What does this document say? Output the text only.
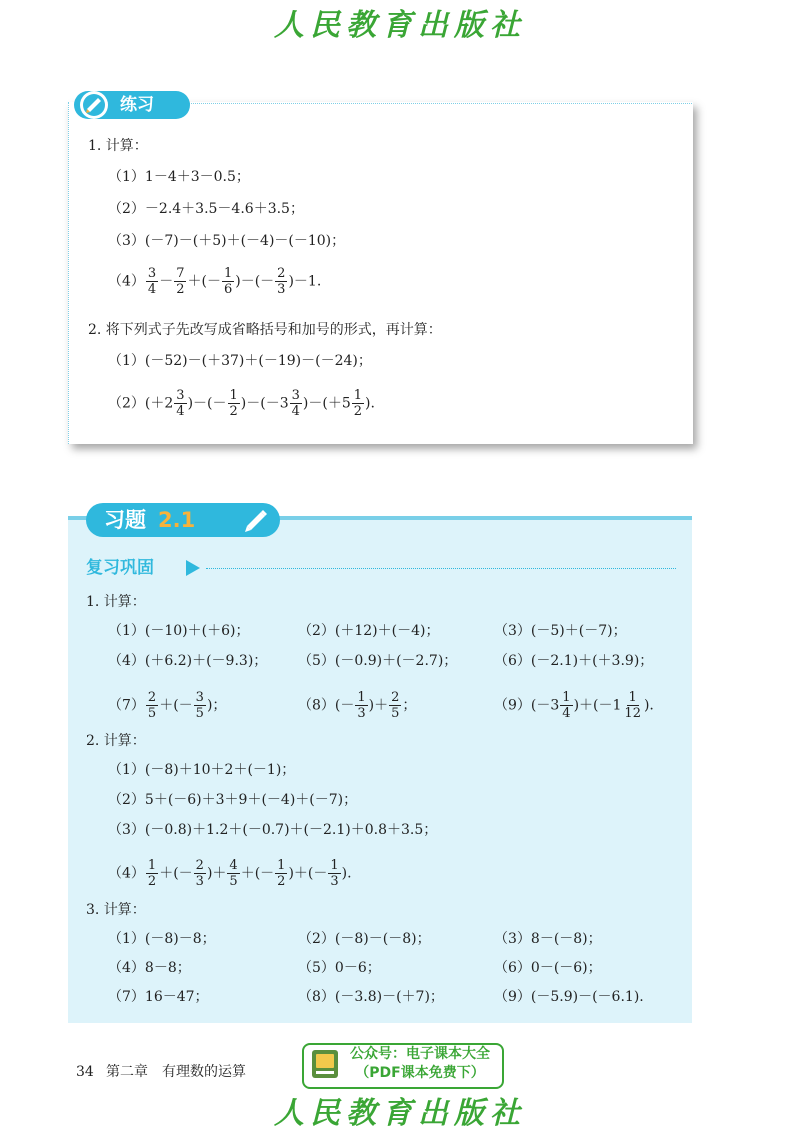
人民教育出版社
练习
1. 计算：
（1）1－4＋3－0.5；
（2）－2.4＋3.5－4.6＋3.5；
（3）(－7)－(＋5)＋(－4)－(－10)；
$(4) \frac{3}{4} - \frac{7}{2}$ ＋(－ $\frac{1}{6}$ )－(－ $\frac{2}{3} )-1$.
2. 将下列式子先改写成省略括号和加号的形式，再计算：
（1）(－52)－(＋37)＋(－19)－(－24)；
$(2)(+2 \frac{3}{4}$ )－(－ $\frac{1}{2} )-(-3 \frac{3}{4} )-(+5 \frac{1}{2}$ ).
习题 2.1
复习巩固
1. 计算：
（1）(－10)＋(＋6)；	（2）(＋12)＋(－4)；	（3）(－5)＋(－7)；
（4）(＋6.2)＋(－9.3)； （5）(－0.9)＋(－2.7)；	（6）(－2.1)＋(＋3.9)；
$(7) \frac{2}{5}$ ＋(－ $\frac{3}{5}$ )；	$(8)(- \frac{1}{3}$ )＋ $\frac{2}{5}$ ；	$(9)(-3 \frac{1}{4} )+(-1 \frac{1}{12}$ ).
2. 计算：
（1）(－8)＋10＋2＋(－1)；
（2）5＋(－6)＋3＋9＋(－4)＋(－7)；
（3）(－0.8)＋1.2＋(－0.7)＋(－2.1)＋0.8＋3.5；
$(4) \frac{1}{2}$ ＋(－ $\frac{2}{3}$ )＋ $\frac{4}{5}$ ＋(－ $\frac{1}{2}$ )＋(－ $\frac{1}{3}$ ).
3. 计算：
（1）(－8)－8；	（2）(－8)－(－8)；	（3）8－(－8)；
（4）8－8；	（5）0－6；	（6）0－(－6)；
（7）16－47；	（8）(－3.8)－(＋7)；	（9）(－5.9)－(－6.1).
34 第二章　有理数的运算
公众号：电子课本大全
（PDF课本免费下）
人民教育出版社
